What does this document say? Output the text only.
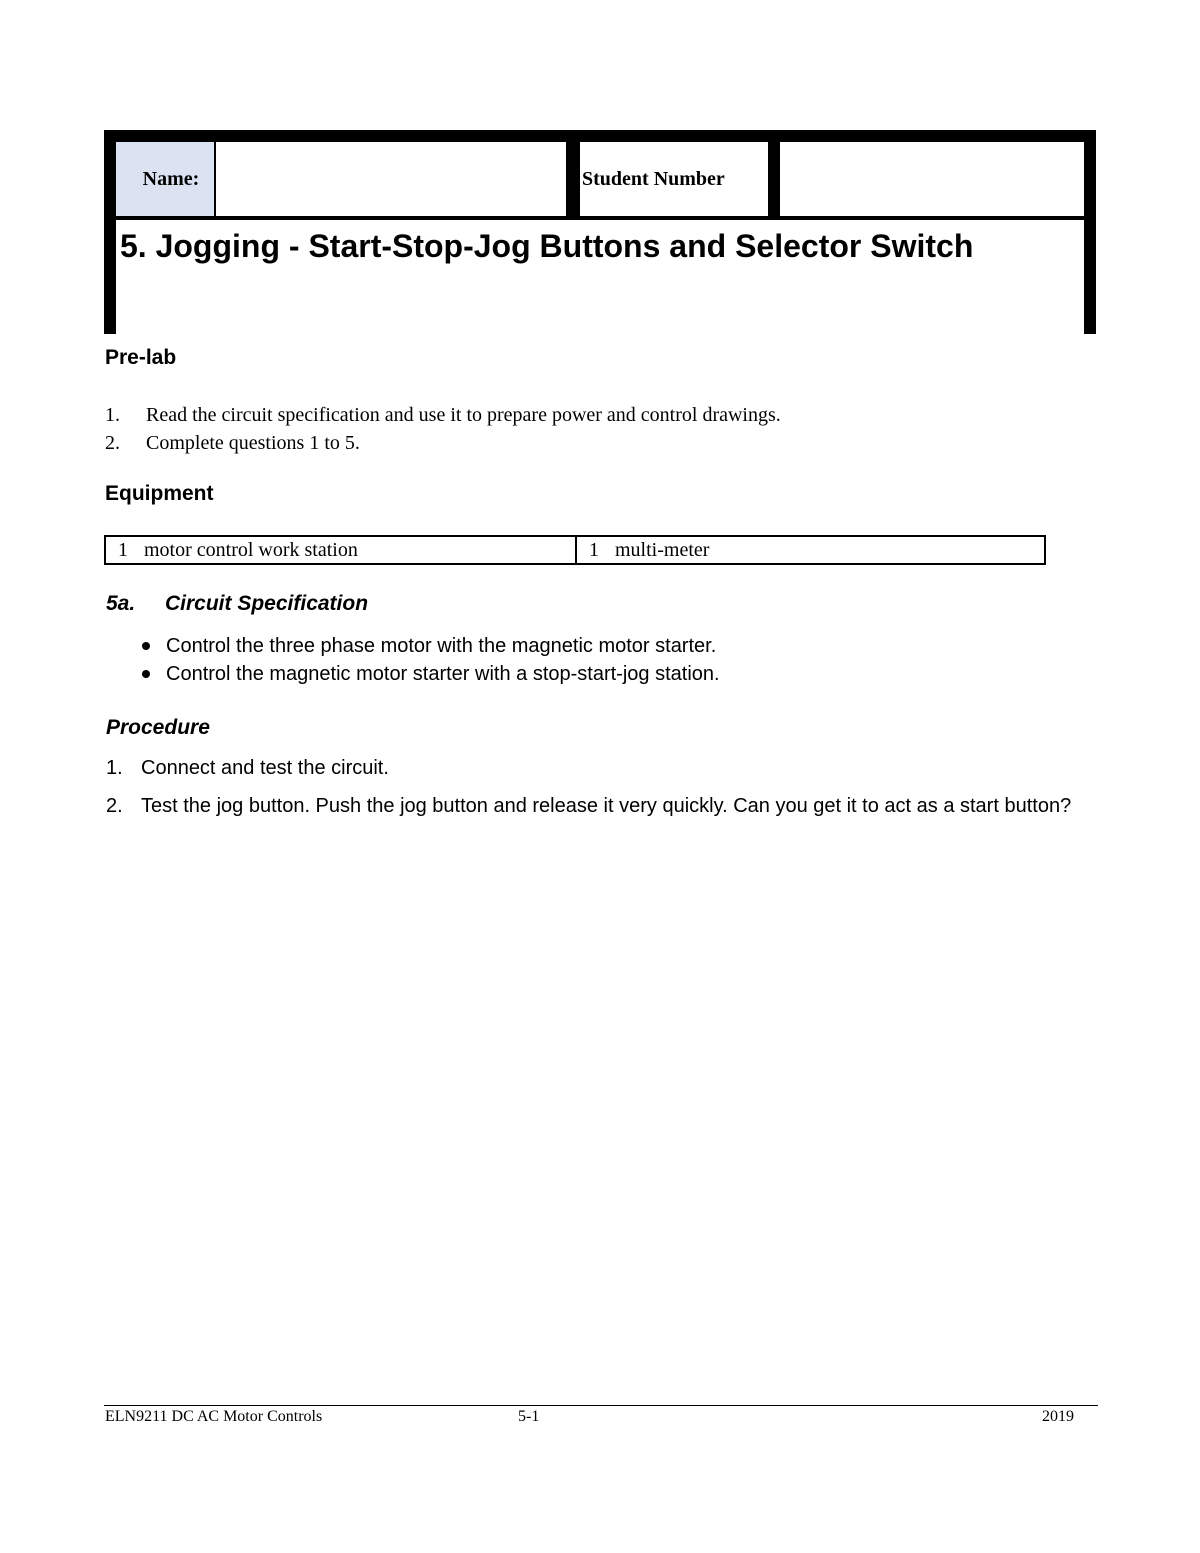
Name:	Student Number
5. Jogging - Start-Stop-Jog Buttons and Selector Switch
Pre-lab
1.	Read the circuit specification and use it to prepare power and control drawings.
2.	Complete questions 1 to 5.
Equipment
1 motor control work station	1 multi-meter
5a. Circuit Specification
Control the three phase motor with the magnetic motor starter.
Control the magnetic motor starter with a stop-start-jog station.
Procedure
1. Connect and test the circuit.
2. Test the jog button. Push the jog button and release it very quickly. Can you get it to act as a start button?
ELN9211 DC AC Motor Controls	5-1	2019
